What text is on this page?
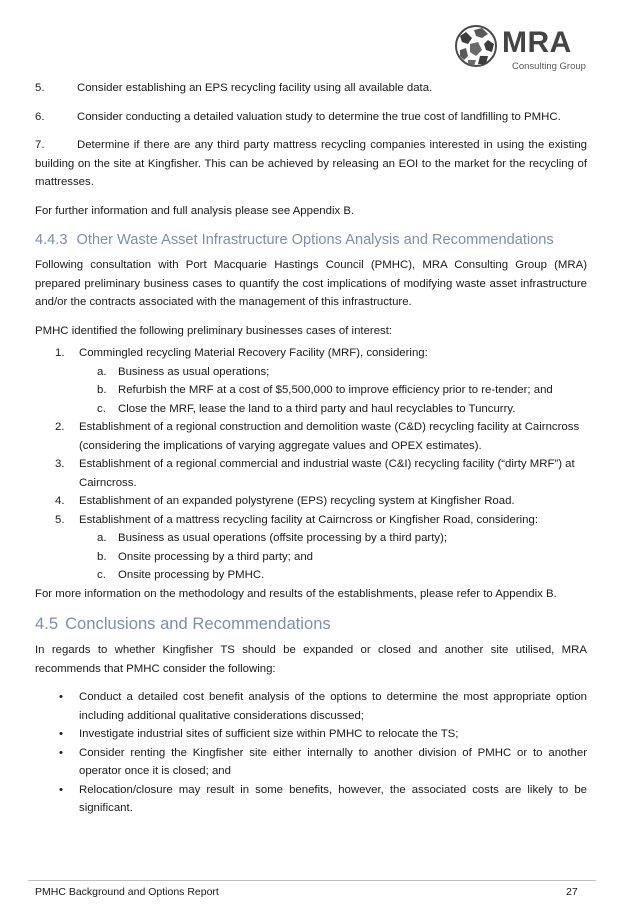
MRA
Consulting Group

5.	Consider establishing an EPS recycling facility using all available data.

6.	Consider conducting a detailed valuation study to determine the true cost of landfilling to PMHC.

7.	Determine if there are any third party mattress recycling companies interested in using the existing building on the site at Kingfisher. This can be achieved by releasing an EOI to the market for the recycling of mattresses.

For further information and full analysis please see Appendix B.

4.4.3 Other Waste Asset Infrastructure Options Analysis and Recommendations

Following consultation with Port Macquarie Hastings Council (PMHC), MRA Consulting Group (MRA) prepared preliminary business cases to quantify the cost implications of modifying waste asset infrastructure and/or the contracts associated with the management of this infrastructure.

PMHC identified the following preliminary businesses cases of interest:

1. Commingled recycling Material Recovery Facility (MRF), considering:
a. Business as usual operations;
b. Refurbish the MRF at a cost of $5,500,000 to improve efficiency prior to re-tender; and
c. Close the MRF, lease the land to a third party and haul recyclables to Tuncurry.
2. Establishment of a regional construction and demolition waste (C&D) recycling facility at Cairncross (considering the implications of varying aggregate values and OPEX estimates).
3. Establishment of a regional commercial and industrial waste (C&I) recycling facility (“dirty MRF”) at Cairncross.
4. Establishment of an expanded polystyrene (EPS) recycling system at Kingfisher Road.
5. Establishment of a mattress recycling facility at Cairncross or Kingfisher Road, considering:
a. Business as usual operations (offsite processing by a third party);
b. Onsite processing by a third party; and
c. Onsite processing by PMHC.

For more information on the methodology and results of the establishments, please refer to Appendix B.

4.5 Conclusions and Recommendations

In regards to whether Kingfisher TS should be expanded or closed and another site utilised, MRA recommends that PMHC consider the following:

• Conduct a detailed cost benefit analysis of the options to determine the most appropriate option including additional qualitative considerations discussed;
• Investigate industrial sites of sufficient size within PMHC to relocate the TS;
• Consider renting the Kingfisher site either internally to another division of PMHC or to another operator once it is closed; and
• Relocation/closure may result in some benefits, however, the associated costs are likely to be significant.
PMHC Background and Options Report	27
